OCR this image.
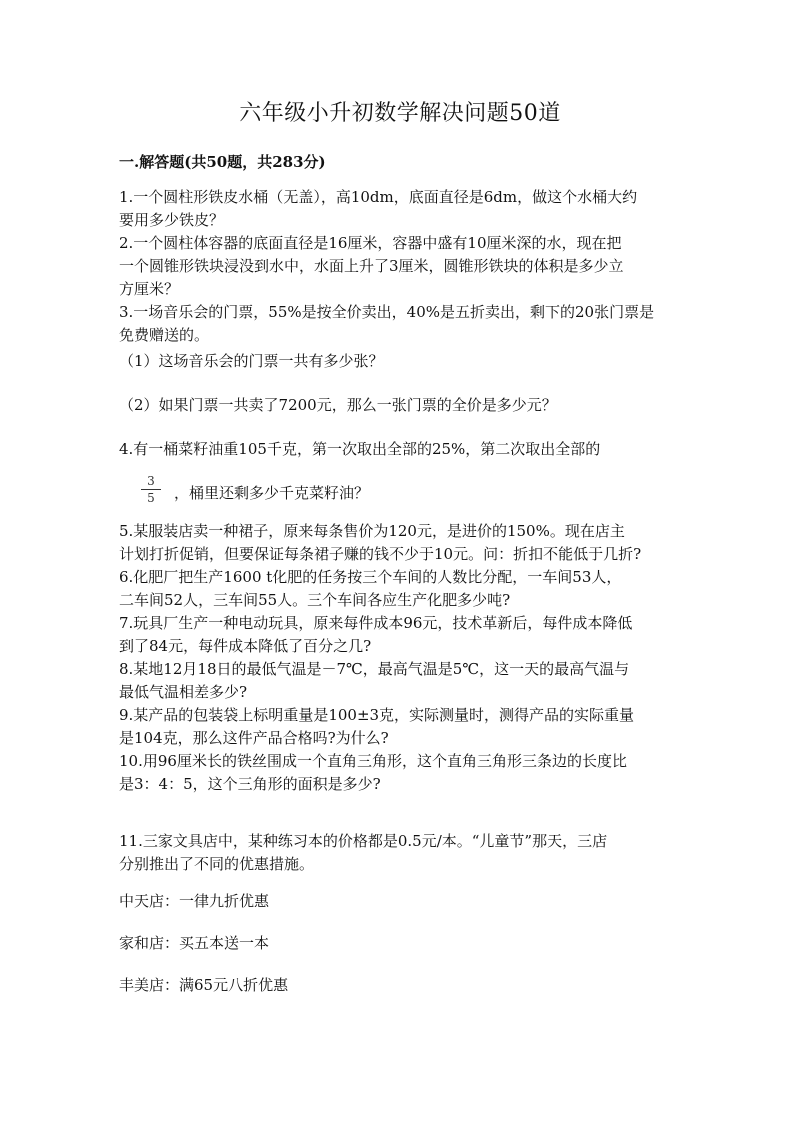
六年级小升初数学解决问题50道
一.解答题(共50题，共283分)

1.一个圆柱形铁皮水桶（无盖），高10dm，底面直径是6dm，做这个水桶大约

要用多少铁皮？

2.一个圆柱体容器的底面直径是16厘米，容器中盛有10厘米深的水，现在把

一个圆锥形铁块浸没到水中，水面上升了3厘米，圆锥形铁块的体积是多少立

方厘米？

3.一场音乐会的门票，55%是按全价卖出，40%是五折卖出，剩下的20张门票是

免费赠送的。

（1）这场音乐会的门票一共有多少张？
（2）如果门票一共卖了7200元，那么一张门票的全价是多少元？
4.有一桶菜籽油重105千克，第一次取出全部的25%，第二次取出全部的
3
5	，桶里还剩多少千克菜籽油？

5.某服装店卖一种裙子，原来每条售价为120元，是进价的150%。现在店主

计划打折促销，但要保证每条裙子赚的钱不少于10元。问：折扣不能低于几折?

6.化肥厂把生产1600 t化肥的任务按三个车间的人数比分配，一车间53人，

二车间52人，三车间55人。三个车间各应生产化肥多少吨?

7.玩具厂生产一种电动玩具，原来每件成本96元，技术革新后，每件成本降低

到了84元，每件成本降低了百分之几?

8.某地12月18日的最低气温是－7℃，最高气温是5℃，这一天的最高气温与

最低气温相差多少?

9.某产品的包装袋上标明重量是100±3克，实际测量时，测得产品的实际重量

是104克，那么这件产品合格吗?为什么?

10.用96厘米长的铁丝围成一个直角三角形，这个直角三角形三条边的长度比

是3：4：5，这个三角形的面积是多少?

11.三家文具店中，某种练习本的价格都是0.5元/本。“儿童节”那天，三店

分别推出了不同的优惠措施。

中天店：一律九折优惠
家和店：买五本送一本
丰美店：满65元八折优惠
